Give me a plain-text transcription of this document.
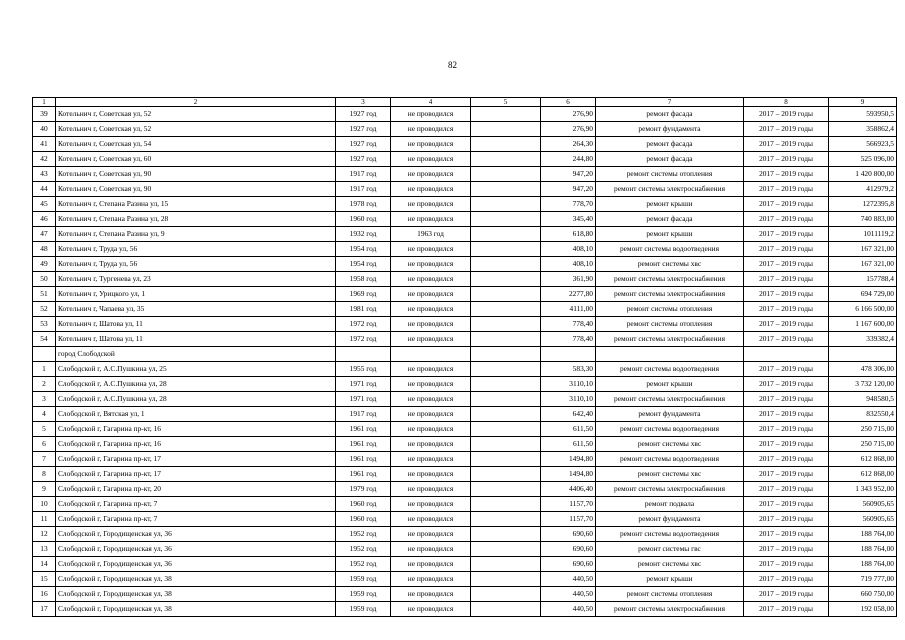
82
1	2	3	4	5	6	7	8	9
39	Котельнич г, Советская ул, 52	1927 год	не проводился		276,90	ремонт фасада	2017 – 2019 годы	593950,5
40	Котельнич г, Советская ул, 52	1927 год	не проводился		276,90	ремонт фундамента	2017 – 2019 годы	358862,4
41	Котельнич г, Советская ул, 54	1927 год	не проводился		264,30	ремонт фасада	2017 – 2019 годы	566923,5
42	Котельнич г, Советская ул, 60	1927 год	не проводился		244,80	ремонт фасада	2017 – 2019 годы	525 096,00
43	Котельнич г, Советская ул, 90	1917 год	не проводился		947,20	ремонт системы отопления	2017 – 2019 годы	1 420 800,00
44	Котельнич г, Советская ул, 90	1917 год	не проводился		947,20	ремонт системы электроснабжения	2017 – 2019 годы	412979,2
45	Котельнич г, Степана Разина ул, 15	1978 год	не проводился		778,70	ремонт крыши	2017 – 2019 годы	1272395,8
46	Котельнич г, Степана Разина ул, 28	1960 год	не проводился		345,40	ремонт фасада	2017 – 2019 годы	740 883,00
47	Котельнич г, Степана Разина ул, 9	1932 год	1963 год		618,80	ремонт крыши	2017 – 2019 годы	1011119,2
48	Котельнич г, Труда ул, 56	1954 год	не проводился		408,10	ремонт системы водоотведения	2017 – 2019 годы	167 321,00
49	Котельнич г, Труда ул, 56	1954 год	не проводился		408,10	ремонт системы хвс	2017 – 2019 годы	167 321,00
50	Котельнич г, Тургенева ул, 23	1958 год	не проводился		361,90	ремонт системы электроснабжения	2017 – 2019 годы	157788,4
51	Котельнич г, Урицкого ул, 1	1969 год	не проводился		2277,80	ремонт системы электроснабжения	2017 – 2019 годы	694 729,00
52	Котельнич г, Чапаева ул, 35	1981 год	не проводился		4111,00	ремонт системы отопления	2017 – 2019 годы	6 166 500,00
53	Котельнич г, Шатова ул, 11	1972 год	не проводился		778,40	ремонт системы отопления	2017 – 2019 годы	1 167 600,00
54	Котельнич г, Шатова ул, 11	1972 год	не проводился		778,40	ремонт системы электроснабжения	2017 – 2019 годы	339382,4
	город Слободской							
1	Слободской г, А.С.Пушкина ул, 25	1955 год	не проводился		583,30	ремонт системы водоотведения	2017 – 2019 годы	478 306,00
2	Слободской г, А.С.Пушкина ул, 28	1971 год	не проводился		3110,10	ремонт крыши	2017 – 2019 годы	3 732 120,00
3	Слободской г, А.С.Пушкина ул, 28	1971 год	не проводился		3110,10	ремонт системы электроснабжения	2017 – 2019 годы	948580,5
4	Слободской г, Вятская ул, 1	1917 год	не проводился		642,40	ремонт фундамента	2017 – 2019 годы	832550,4
5	Слободской г, Гагарина пр-кт, 16	1961 год	не проводился		611,50	ремонт системы водоотведения	2017 – 2019 годы	250 715,00
6	Слободской г, Гагарина пр-кт, 16	1961 год	не проводился		611,50	ремонт системы хвс	2017 – 2019 годы	250 715,00
7	Слободской г, Гагарина пр-кт, 17	1961 год	не проводился		1494,80	ремонт системы водоотведения	2017 – 2019 годы	612 868,00
8	Слободской г, Гагарина пр-кт, 17	1961 год	не проводился		1494,80	ремонт системы хвс	2017 – 2019 годы	612 868,00
9	Слободской г, Гагарина пр-кт, 20	1979 год	не проводился		4406,40	ремонт системы электроснабжения	2017 – 2019 годы	1 343 952,00
10	Слободской г, Гагарина пр-кт, 7	1960 год	не проводился		1157,70	ремонт подвала	2017 – 2019 годы	560905,65
11	Слободской г, Гагарина пр-кт, 7	1960 год	не проводился		1157,70	ремонт фундамента	2017 – 2019 годы	560905,65
12	Слободской г, Городищенская ул, 36	1952 год	не проводился		690,60	ремонт системы водоотведения	2017 – 2019 годы	188 764,00
13	Слободской г, Городищенская ул, 36	1952 год	не проводился		690,60	ремонт системы гвс	2017 – 2019 годы	188 764,00
14	Слободской г, Городищенская ул, 36	1952 год	не проводился		690,60	ремонт системы хвс	2017 – 2019 годы	188 764,00
15	Слободской г, Городищенская ул, 38	1959 год	не проводился		440,50	ремонт крыши	2017 – 2019 годы	719 777,00
16	Слободской г, Городищенская ул, 38	1959 год	не проводился		440,50	ремонт системы отопления	2017 – 2019 годы	660 750,00
17	Слободской г, Городищенская ул, 38	1959 год	не проводился		440,50	ремонт системы электроснабжения	2017 – 2019 годы	192 058,00
